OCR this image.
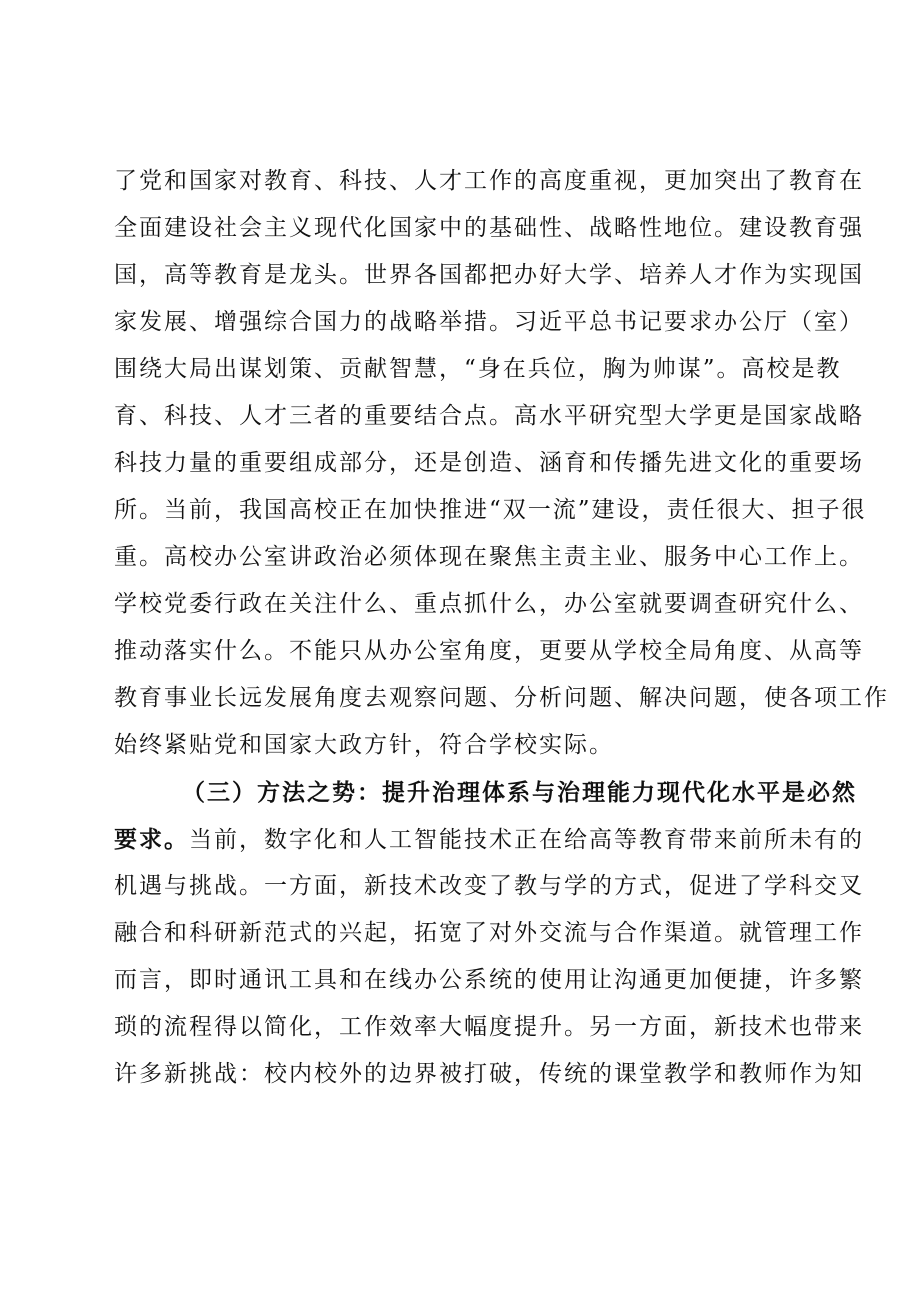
了党和国家对教育、科技、人才工作的高度重视，更加突出了教育在
全面建设社会主义现代化国家中的基础性、战略性地位。建设教育强
国，高等教育是龙头。世界各国都把办好大学、培养人才作为实现国
家发展、增强综合国力的战略举措。习近平总书记要求办公厅（室）
围绕大局出谋划策、贡献智慧，“身在兵位，胸为帅谋”。高校是教
育、科技、人才三者的重要结合点。高水平研究型大学更是国家战略
科技力量的重要组成部分，还是创造、涵育和传播先进文化的重要场
所。当前，我国高校正在加快推进“双一流”建设，责任很大、担子很
重。高校办公室讲政治必须体现在聚焦主责主业、服务中心工作上。
学校党委行政在关注什么、重点抓什么，办公室就要调查研究什么、
推动落实什么。不能只从办公室角度，更要从学校全局角度、从高等
教育事业长远发展角度去观察问题、分析问题、解决问题，使各项工作
始终紧贴党和国家大政方针，符合学校实际。
（三）方法之势：提升治理体系与治理能力现代化水平是必然
要求。当前，数字化和人工智能技术正在给高等教育带来前所未有的
机遇与挑战。一方面，新技术改变了教与学的方式，促进了学科交叉
融合和科研新范式的兴起，拓宽了对外交流与合作渠道。就管理工作
而言，即时通讯工具和在线办公系统的使用让沟通更加便捷，许多繁
琐的流程得以简化，工作效率大幅度提升。另一方面，新技术也带来
许多新挑战：校内校外的边界被打破，传统的课堂教学和教师作为知
